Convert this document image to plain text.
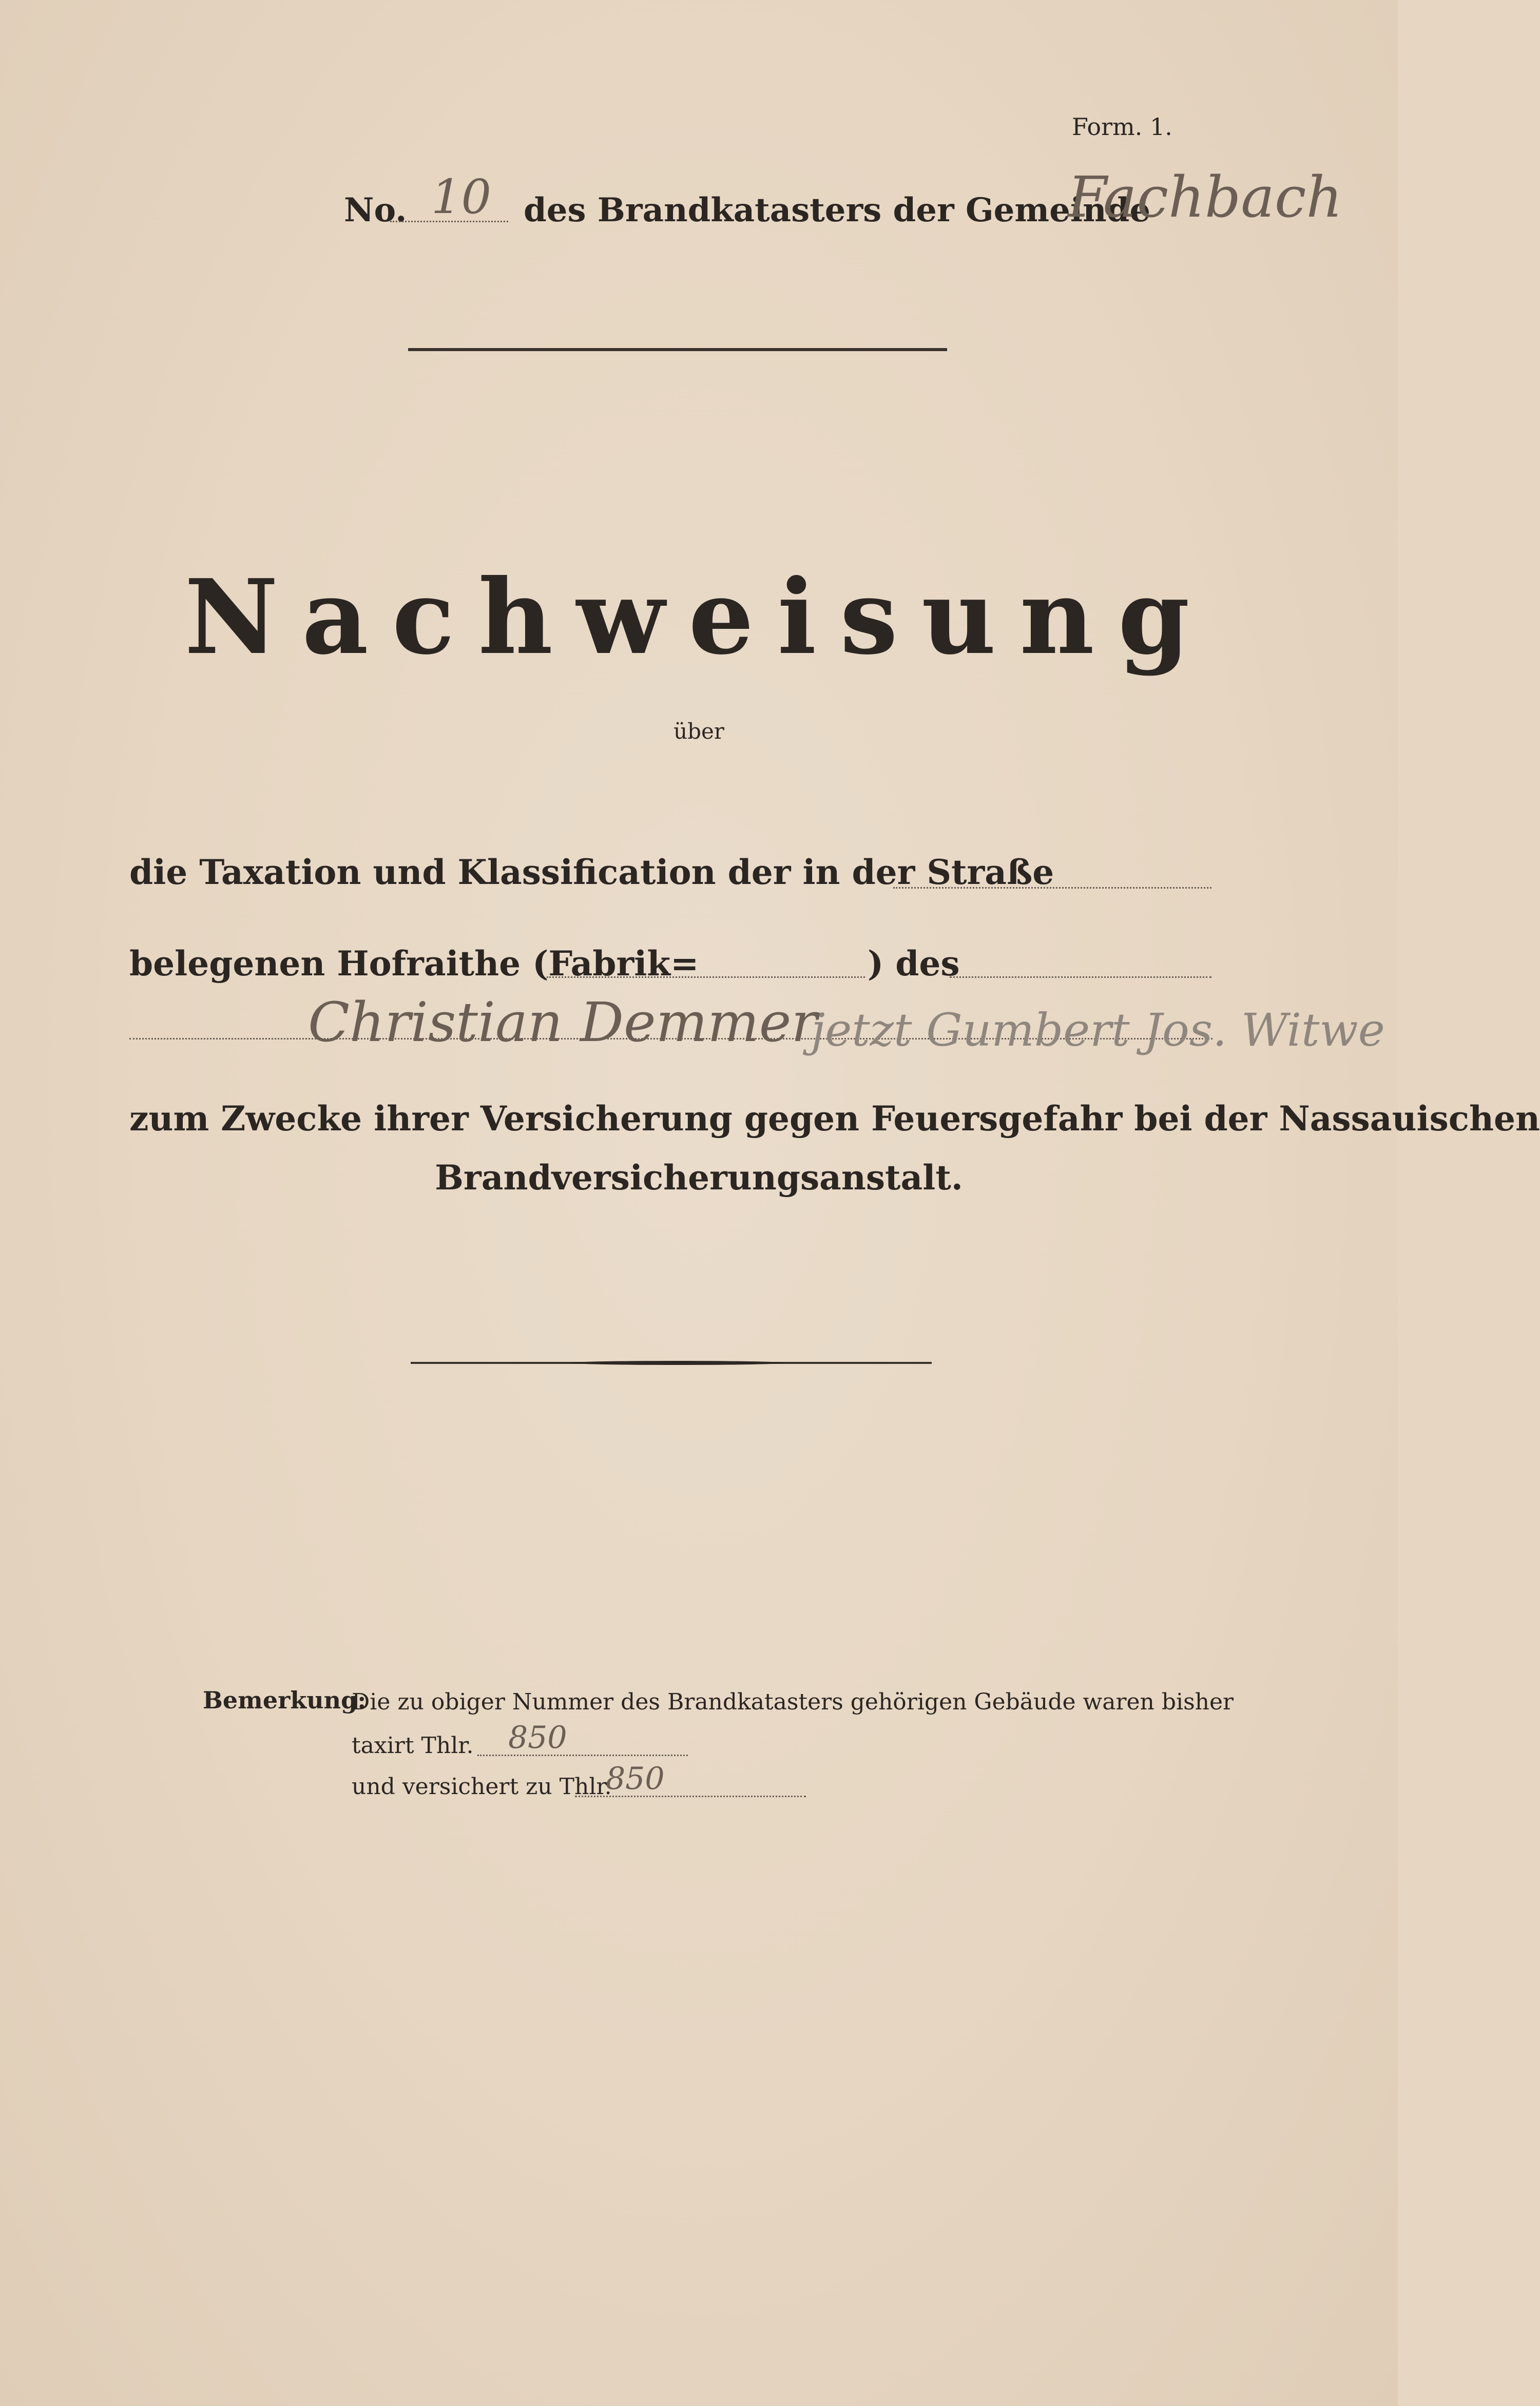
Form. 1.
No. 10 des Brandkatasters der Gemeinde
Fachbach
Nachweisung
über
die Taxation und Klassification der in der Straße
belegenen Hofraithe (Fabrik=	) des
Christian Demmer
jetzt Gumbert Jos. Witwe
zum Zwecke ihrer Versicherung gegen Feuersgefahr bei der Nassauischen
Brandversicherungsanstalt.
Bemerkung:
Die zu obiger Nummer des Brandkatasters gehörigen Gebäude waren bisher
taxirt Thlr. 850
und versichert zu Thlr.
850
